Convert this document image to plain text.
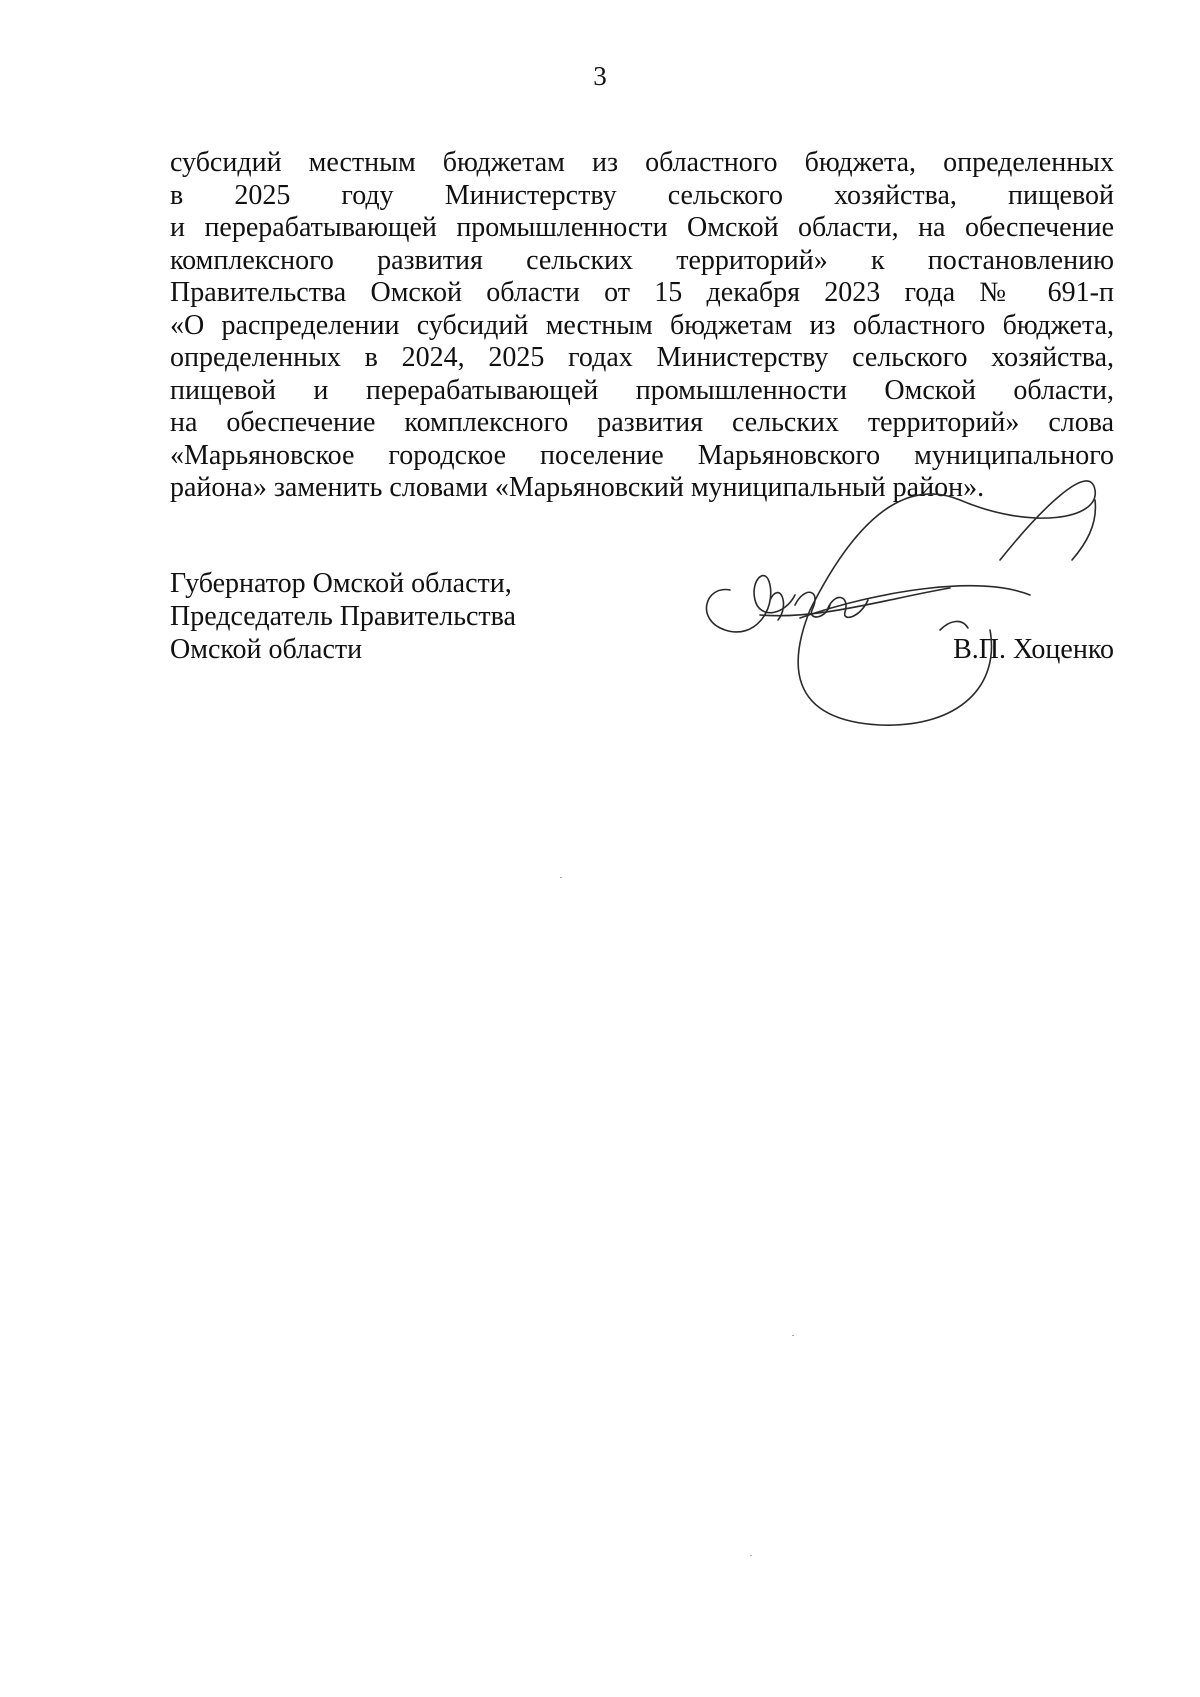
3
субсидий местным бюджетам из областного бюджета, определенных
в 2025 году Министерству сельского хозяйства, пищевой
и перерабатывающей промышленности Омской области, на обеспечение
комплексного развития сельских территорий» к постановлению
Правительства Омской области от 15 декабря 2023 года № 691-п
«О распределении субсидий местным бюджетам из областного бюджета,
определенных в 2024, 2025 годах Министерству сельского хозяйства,
пищевой и перерабатывающей промышленности Омской области,
на обеспечение комплексного развития сельских территорий» слова
«Марьяновское городское поселение Марьяновского муниципального
района» заменить словами «Марьяновский муниципальный район».
Губернатор Омской области,
Председатель Правительства
Омской области	В.П. Хоценко
